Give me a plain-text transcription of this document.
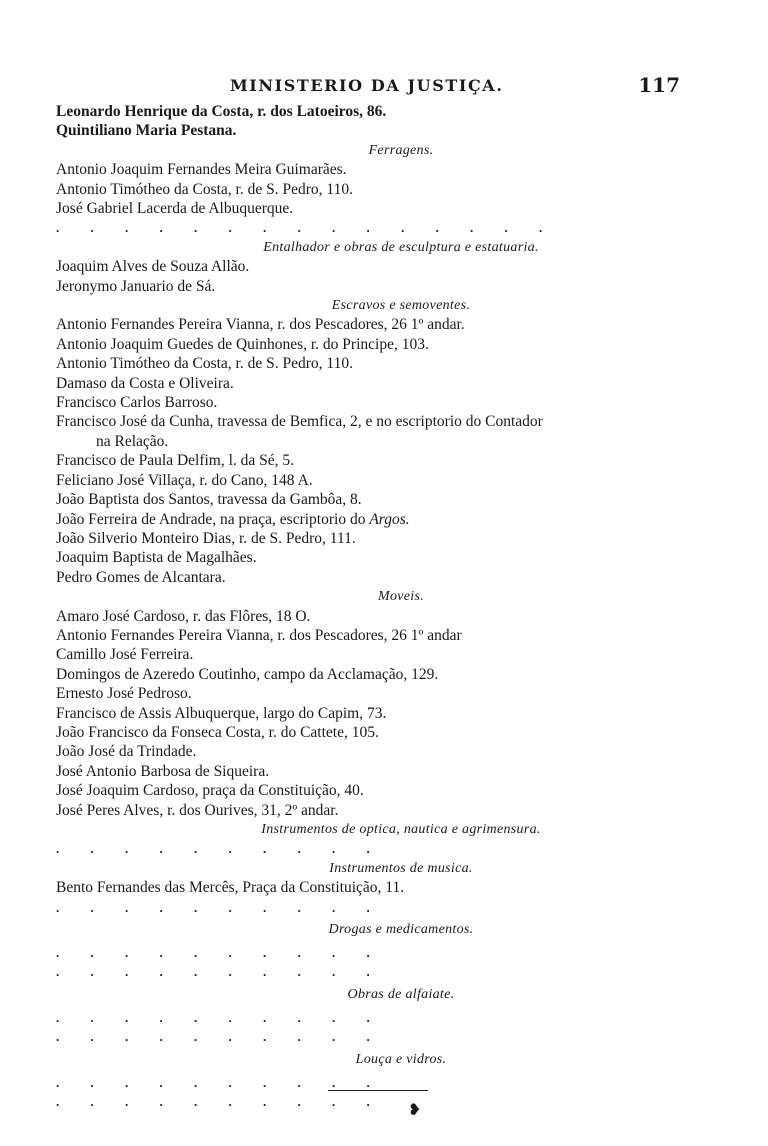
MINISTERIO DA JUSTIÇA.	117
Leonardo Henrique da Costa, r. dos Latoeiros, 86.
Quintiliano Maria Pestana.
Ferragens.
Antonio Joaquim Fernandes Meira Guimarães.
Antonio Timótheo da Costa, r. de S. Pedro, 110.
José Gabriel Lacerda de Albuquerque.
. . . . . . . . . . . . . . .
Entalhador e obras de esculptura e estatuaria.
Joaquim Alves de Souza Allão.
Jeronymo Januario de Sá.
Escravos e semoventes.
Antonio Fernandes Pereira Vianna, r. dos Pescadores, 26 1º andar.
Antonio Joaquim Guedes de Quinhones, r. do Principe, 103.
Antonio Timótheo da Costa, r. de S. Pedro, 110.
Damaso da Costa e Oliveira.
Francisco Carlos Barroso.
Francisco José da Cunha, travessa de Bemfica, 2, e no escriptorio do Contador
na Relação.
Francisco de Paula Delfim, l. da Sé, 5.
Feliciano José Villaça, r. do Cano, 148 A.
João Baptista dos Santos, travessa da Gambôa, 8.
João Ferreira de Andrade, na praça, escriptorio do Argos.
João Silverio Monteiro Dias, r. de S. Pedro, 111.
Joaquim Baptista de Magalhães.
Pedro Gomes de Alcantara.
Moveis.
Amaro José Cardoso, r. das Flôres, 18 O.
Antonio Fernandes Pereira Vianna, r. dos Pescadores, 26 1º andar
Camillo José Ferreira.
Domingos de Azeredo Coutinho, campo da Acclamação, 129.
Ernesto José Pedroso.
Francisco de Assis Albuquerque, largo do Capim, 73.
João Francisco da Fonseca Costa, r. do Cattete, 105.
João José da Trindade.
José Antonio Barbosa de Siqueira.
José Joaquim Cardoso, praça da Constituição, 40.
José Peres Alves, r. dos Ourives, 31, 2º andar.
Instrumentos de optica, nautica e agrimensura.
. . . . . . . . . .
Instrumentos de musica.
Bento Fernandes das Mercês, Praça da Constituição, 11.
. . . . . . . . . .
Drogas e medicamentos.
. . . . . . . . . .
. . . . . . . . . .
Obras de alfaiate.
. . . . . . . . . .
. . . . . . . . . .
Louça e vidros.
. . . . . . . . . .
. . . . . . . . . .	❥
